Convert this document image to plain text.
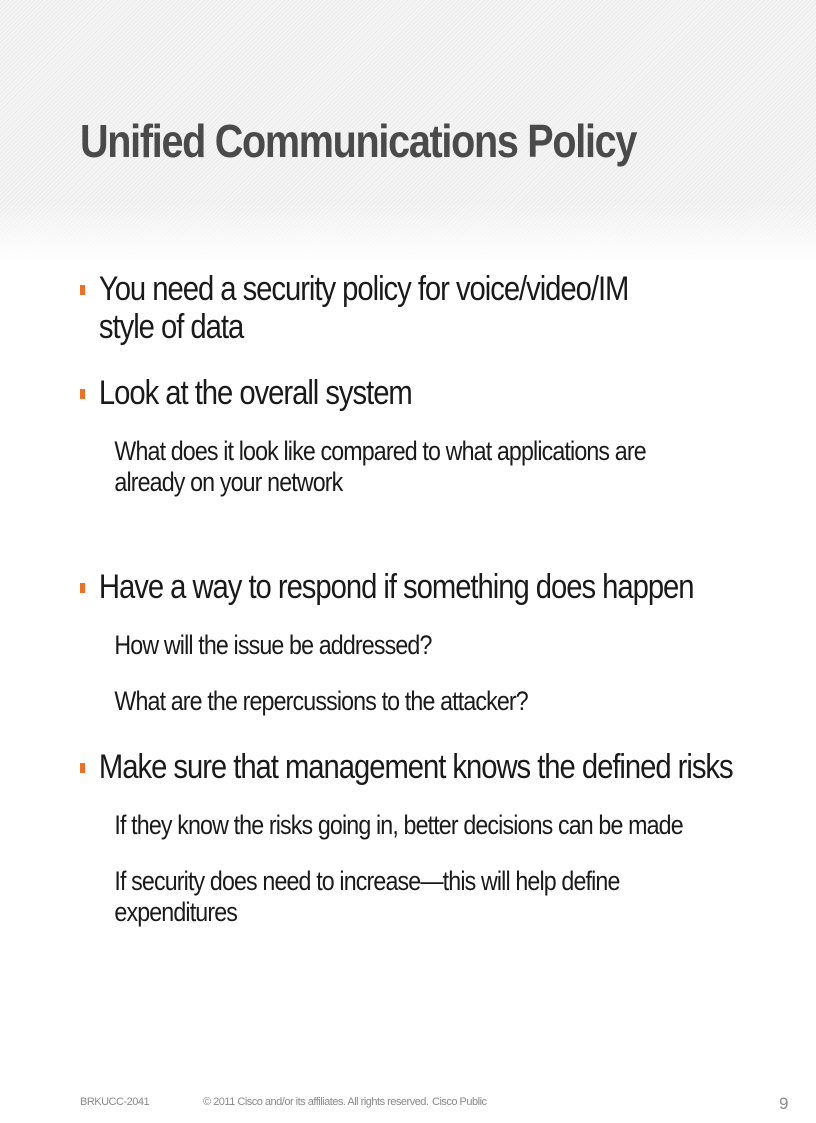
Unified Communications Policy
You need a security policy for voice/video/IM style of data
Look at the overall system
What does it look like compared to what applications are already on your network
Have a way to respond if something does happen
How will the issue be addressed?
What are the repercussions to the attacker?
Make sure that management knows the defined risks
If they know the risks going in, better decisions can be made
If security does need to increase—this will help define expenditures
BRKUCC-2041	© 2011 Cisco and/or its affiliates. All rights reserved. Cisco Public	9
